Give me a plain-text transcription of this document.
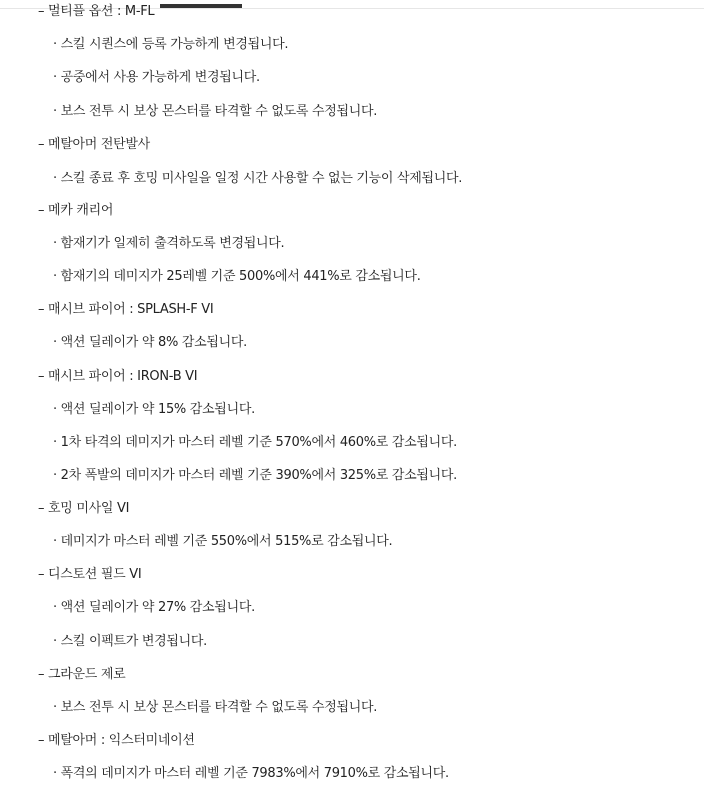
– 멀티플 옵션 : M-FL
· 스킬 시퀀스에 등록 가능하게 변경됩니다.
· 공중에서 사용 가능하게 변경됩니다.
· 보스 전투 시 보상 몬스터를 타격할 수 없도록 수정됩니다.
– 메탈아머 전탄발사
· 스킬 종료 후 호밍 미사일을 일정 시간 사용할 수 없는 기능이 삭제됩니다.
– 메카 캐리어
· 함재기가 일제히 출격하도록 변경됩니다.
· 함재기의 데미지가 25레벨 기준 500%에서 441%로 감소됩니다.
– 매시브 파이어 : SPLASH-F VI
· 액션 딜레이가 약 8% 감소됩니다.
– 매시브 파이어 : IRON-B VI
· 액션 딜레이가 약 15% 감소됩니다.
· 1차 타격의 데미지가 마스터 레벨 기준 570%에서 460%로 감소됩니다.
· 2차 폭발의 데미지가 마스터 레벨 기준 390%에서 325%로 감소됩니다.
– 호밍 미사일 VI
· 데미지가 마스터 레벨 기준 550%에서 515%로 감소됩니다.
– 디스토션 필드 VI
· 액션 딜레이가 약 27% 감소됩니다.
· 스킬 이펙트가 변경됩니다.
– 그라운드 제로
· 보스 전투 시 보상 몬스터를 타격할 수 없도록 수정됩니다.
– 메탈아머 : 익스터미네이션
· 폭격의 데미지가 마스터 레벨 기준 7983%에서 7910%로 감소됩니다.
